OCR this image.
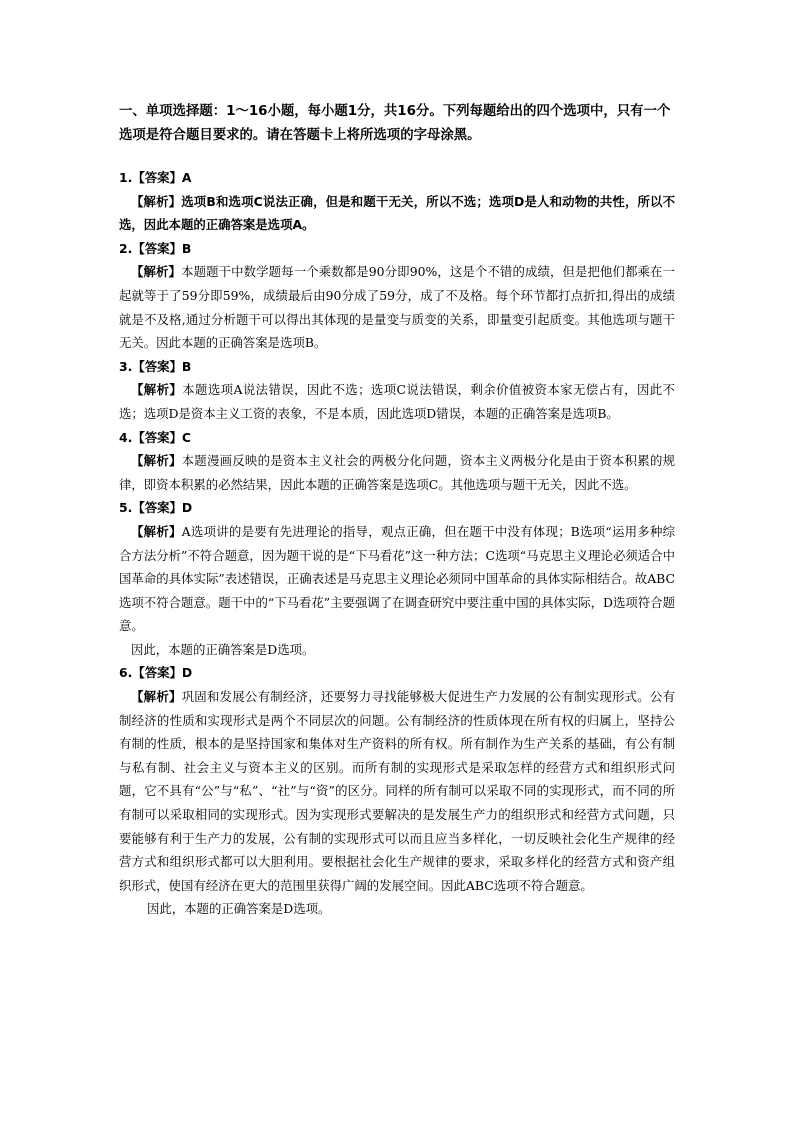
一、单项选择题：1～16小题，每小题1分，共16分。下列每题给出的四个选项中，只有一个选项是符合题目要求的。请在答题卡上将所选项的字母涂黑。

1.【答案】A

【解析】选项B和选项C说法正确，但是和题干无关，所以不选；选项D是人和动物的共性，所以不选，因此本题的正确答案是选项A。

2.【答案】B

【解析】本题题干中数学题每一个乘数都是90分即90%，这是个不错的成绩，但是把他们都乘在一起就等于了59分即59%，成绩最后由90分成了59分，成了不及格。每个环节都打点折扣,得出的成绩就是不及格,通过分析题干可以得出其体现的是量变与质变的关系，即量变引起质变。其他选项与题干无关。因此本题的正确答案是选项B。

3.【答案】B

【解析】本题选项A说法错误，因此不选；选项C说法错误，剩余价值被资本家无偿占有，因此不选；选项D是资本主义工资的表象，不是本质，因此选项D错误，本题的正确答案是选项B。

4.【答案】C

【解析】本题漫画反映的是资本主义社会的两极分化问题，资本主义两极分化是由于资本积累的规律，即资本积累的必然结果，因此本题的正确答案是选项C。其他选项与题干无关，因此不选。

5.【答案】D

【解析】A选项讲的是要有先进理论的指导，观点正确，但在题干中没有体现；B选项“运用多种综合方法分析”不符合题意，因为题干说的是“下马看花”这一种方法；C选项“马克思主义理论必须适合中国革命的具体实际”表述错误，正确表述是马克思主义理论必须同中国革命的具体实际相结合。故ABC选项不符合题意。题干中的“下马看花”主要强调了在调查研究中要注重中国的具体实际，D选项符合题意。

因此，本题的正确答案是D选项。

6.【答案】D

【解析】巩固和发展公有制经济，还要努力寻找能够极大促进生产力发展的公有制实现形式。公有制经济的性质和实现形式是两个不同层次的问题。公有制经济的性质体现在所有权的归属上，坚持公有制的性质，根本的是坚持国家和集体对生产资料的所有权。所有制作为生产关系的基础，有公有制与私有制、社会主义与资本主义的区别。而所有制的实现形式是采取怎样的经营方式和组织形式问题，它不具有“公”与“私”、“社”与“资”的区分。同样的所有制可以采取不同的实现形式，而不同的所有制可以采取相同的实现形式。因为实现形式要解决的是发展生产力的组织形式和经营方式问题，只要能够有利于生产力的发展，公有制的实现形式可以而且应当多样化，一切反映社会化生产规律的经营方式和组织形式都可以大胆利用。要根据社会化生产规律的要求，采取多样化的经营方式和资产组织形式，使国有经济在更大的范围里获得广阔的发展空间。因此ABC选项不符合题意。

因此，本题的正确答案是D选项。
